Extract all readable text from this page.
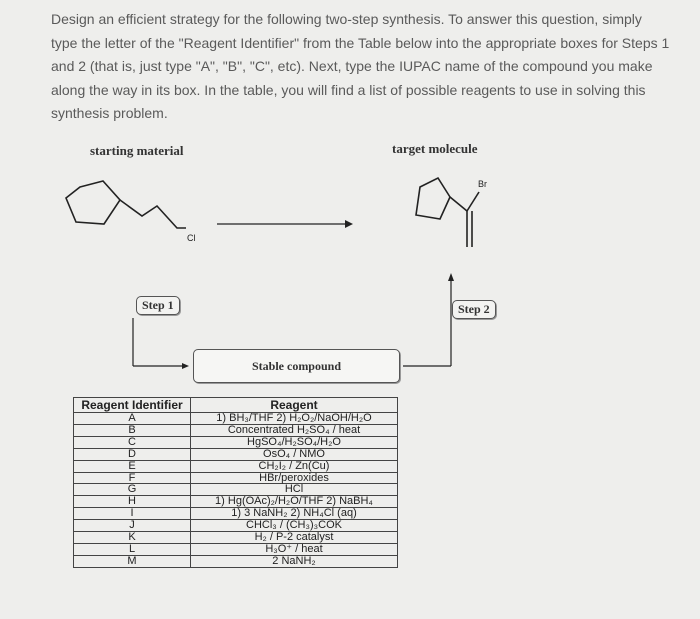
Design an efficient strategy for the following two-step synthesis. To answer this question, simply type the letter of the "Reagent Identifier" from the Table below into the appropriate boxes for Steps 1 and 2 (that is, just type "A", "B", "C", etc). Next, type the IUPAC name of the compound you make along the way in its box. In the table, you will find a list of possible reagents to use in solving this synthesis problem.
starting material	target molecule
Cl
Br
Step 1	Step 2
Stable compound
Reagent Identifier	Reagent
A	1) BH₃/THF 2) H₂O₂/NaOH/H₂O
B	Concentrated H₂SO₄ / heat
C	HgSO₄/H₂SO₄/H₂O
D	OsO₄ / NMO
E	CH₂I₂ / Zn(Cu)
F	HBr/peroxides
G	HCl
H	1) Hg(OAc)₂/H₂O/THF 2) NaBH₄
I	1) 3 NaNH₂ 2) NH₄Cl (aq)
J	CHCl₃ / (CH₃)₃COK
K	H₂ / P-2 catalyst
L	H₃O⁺ / heat
M	2 NaNH₂
